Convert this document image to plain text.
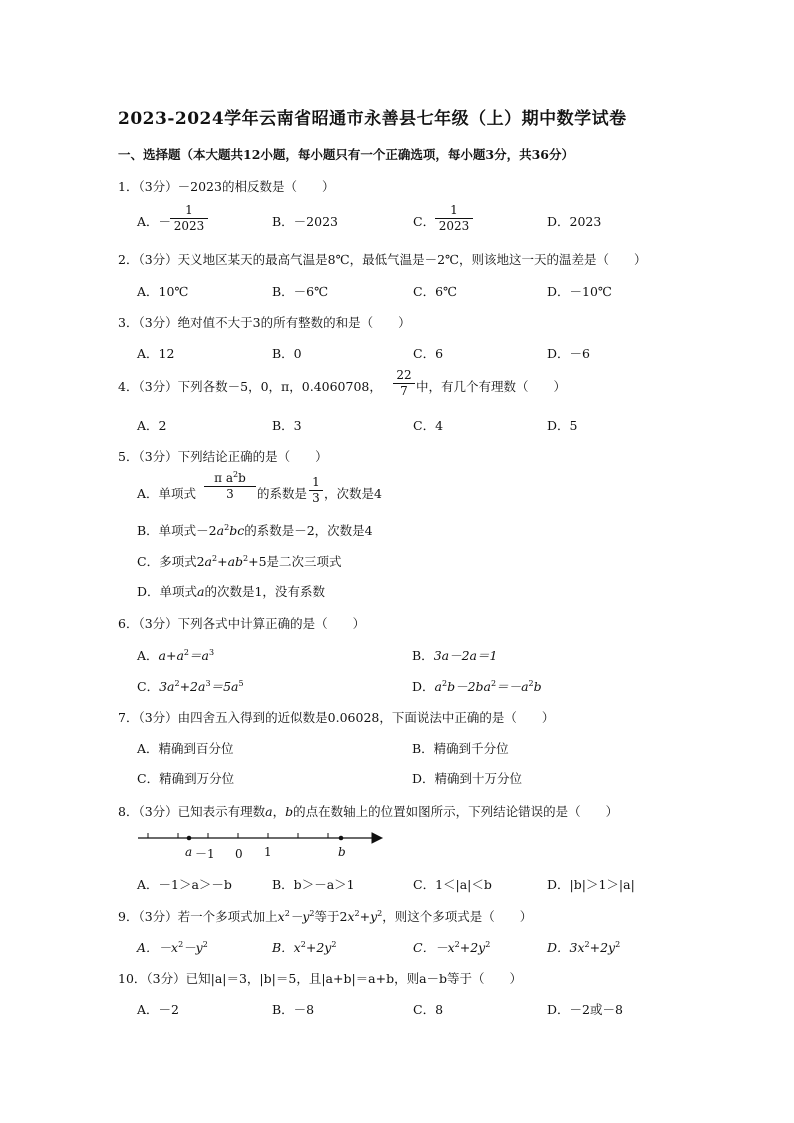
2023-2024学年云南省昭通市永善县七年级（上）期中数学试卷
一、选择题（本大题共12小题，每小题只有一个正确选项，每小题3分，共36分）
1．（3分）－2023的相反数是（　　）
A．－
1
2023	B．－2023	C．
1
2023	D．2023
2．（3分）天义地区某天的最高气温是8℃，最低气温是－2℃，则该地这一天的温差是（　　）
A．10℃	B．－6℃	C．6℃	D．－10℃
3．（3分）绝对值不大于3的所有整数的和是（　　）
A．12	B．0	C．6	D．－6
4．（3分）下列各数－5，0，π，0.4060708，
22
7 中，有几个有理数（　　）
A．2	B．3	C．4	D．5
5．（3分）下列结论正确的是（　　）
A．单项式
π $a^2b$
3	的系数是
1
3 ，次数是4
B．单项式$-2a^2bc$的系数是－2，次数是4
C．多项式$2a^2+ab^2+5$是二次三项式
D．单项式a的次数是1，没有系数
6．（3分）下列各式中计算正确的是（　　）
A．$a+a^2=a^3$	B．3a－2a＝1
C．$3a^2+2a^3=5a^5$	D．$a^2b-2ba^2=-a^2b$
7．（3分）由四舍五入得到的近似数是0.06028，下面说法中正确的是（　　）
A．精确到百分位	B．精确到千分位
C．精确到万分位	D．精确到十万分位
8．（3分）已知表示有理数a，b的点在数轴上的位置如图所示，下列结论错误的是（　　）
a －1 0 1	b
A．－1＞a＞－b	B．b＞－a＞1	C．1＜|a|＜b	D．|b|＞1＞|a|
9．（3分）若一个多项式加上$x^2-y^2$等于$2x^2+y^2$，则这个多项式是（　　）
A．$-x^2-y^2$	B．$x^2+2y^2$	C．$-x^2+2y^2$	D．$3x^2+2y^2$
10．（3分）已知|a|＝3，|b|＝5，且|a+b|＝a+b，则a－b等于（　　）
A．－2	B．－8	C．8	D．－2或－8
